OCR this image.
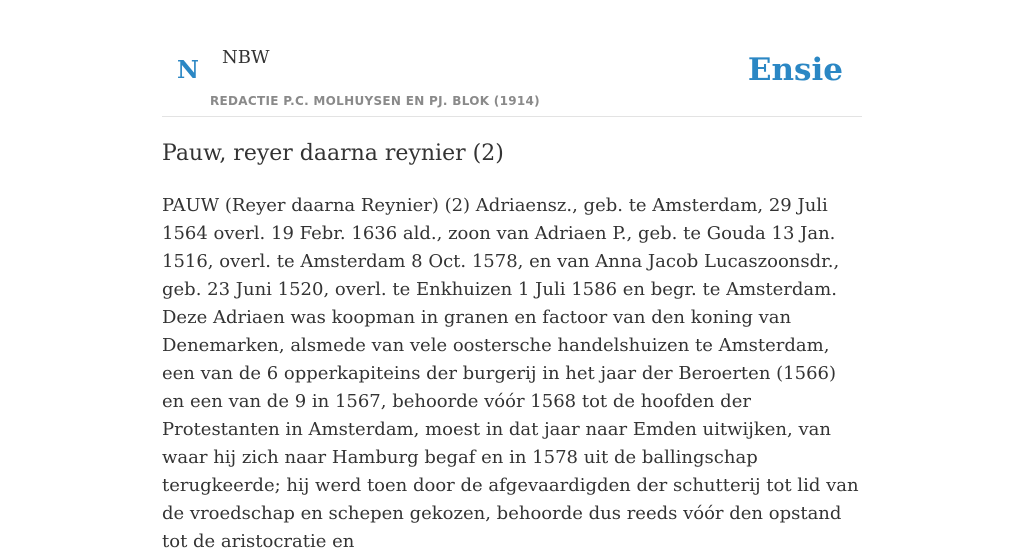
N NBW
REDACTIE P.C. MOLHUYSEN EN PJ. BLOK (1914)
Ensie
Pauw, reyer daarna reynier (2)

PAUW (Reyer daarna Reynier) (2) Adriaensz., geb. te Amsterdam, 29 Juli 1564 overl. 19 Febr. 1636 ald., zoon van Adriaen P., geb. te Gouda 13 Jan. 1516, overl. te Amsterdam 8 Oct. 1578, en van Anna Jacob Lucaszoonsdr., geb. 23 Juni 1520, overl. te Enkhuizen 1 Juli 1586 en begr. te Amsterdam. Deze Adriaen was koopman in granen en factoor van den koning van Denemarken, alsmede van vele oostersche handelshuizen te Amsterdam, een van de 6 opperkapiteins der burgerij in het jaar der Beroerten (1566) en een van de 9 in 1567, behoorde vóór 1568 tot de hoofden der Protestanten in Amsterdam, moest in dat jaar naar Emden uitwijken, van waar hij zich naar Hamburg begaf en in 1578 uit de ballingschap terugkeerde; hij werd toen door de afgevaardigden der schutterij tot lid van de vroedschap en schepen gekozen, behoorde dus reeds vóór den opstand tot de aristocratie en
